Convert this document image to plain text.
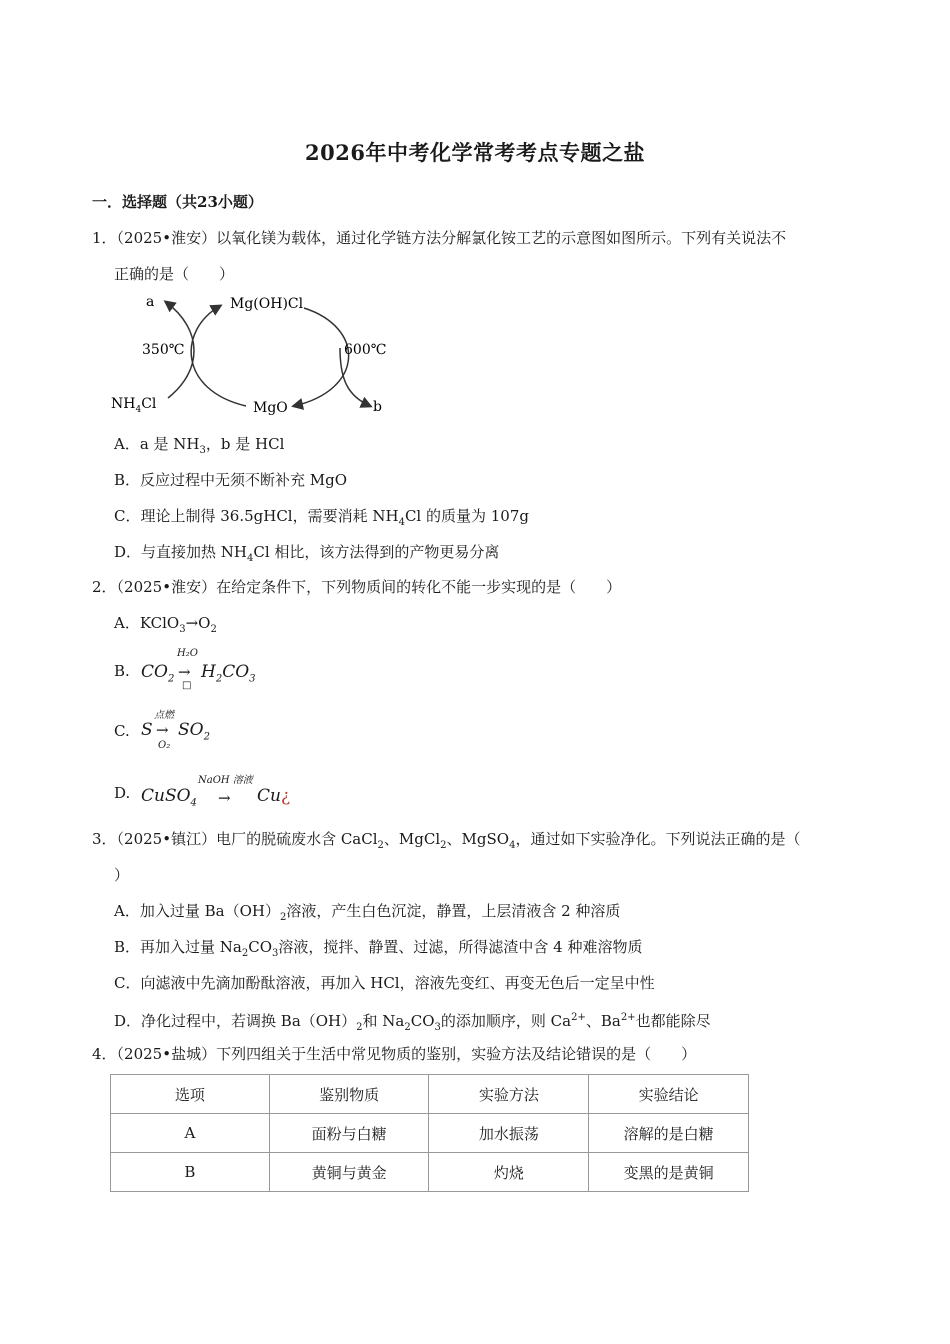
2026年中考化学常考考点专题之盐
一．选择题（共23小题）
1．（2025•淮安）以氧化镁为载体，通过化学链方法分解氯化铵工艺的示意图如图所示。下列有关说法不
正确的是（　　）
a	Mg(OH)Cl
350℃	600℃
$NH_4Cl$	MgO	b
A．a 是 $NH_3$，b 是 HCl
B．反应过程中无须不断补充 MgO
C．理论上制得 36.5gHCl，需要消耗 $NH_4Cl$ 的质量为 107g
D．与直接加热 $NH_4Cl$ 相比，该方法得到的产物更易分离
2．（2025•淮安）在给定条件下，下列物质间的转化不能一步实现的是（　　）
A．$KClO_3\to O_2$
B. $CO_2$
H₂O
→
□
$H_2CO_3$
C. S
点燃
→
O₂
$SO_2$
D. CuSO$_4$
NaOH 溶液
→ Cu¿
3．（2025•镇江）电厂的脱硫废水含 CaCl$_2$、MgCl$_2$、MgSO$_4$，通过如下实验净化。下列说法正确的是（
）
A．加入过量 $Ba(OH)_2$溶液，产生白色沉淀，静置，上层清液含 2 种溶质
B．再加入过量 $Na_2CO_3$溶液，搅拌、静置、过滤，所得滤渣中含 4 种难溶物质
C．向滤液中先滴加酚酞溶液，再加入 HCl，溶液先变红、再变无色后一定呈中性
D．净化过程中，若调换 $Ba(OH)_2$和 $Na_2CO_3$的添加顺序，则 $Ca^{2+}$、$Ba^{2+}$也都能除尽
4．（2025•盐城）下列四组关于生活中常见物质的鉴别，实验方法及结论错误的是（　　）
选项	鉴别物质	实验方法	实验结论
A	面粉与白糖	加水振荡	溶解的是白糖
B	黄铜与黄金	灼烧	变黑的是黄铜
